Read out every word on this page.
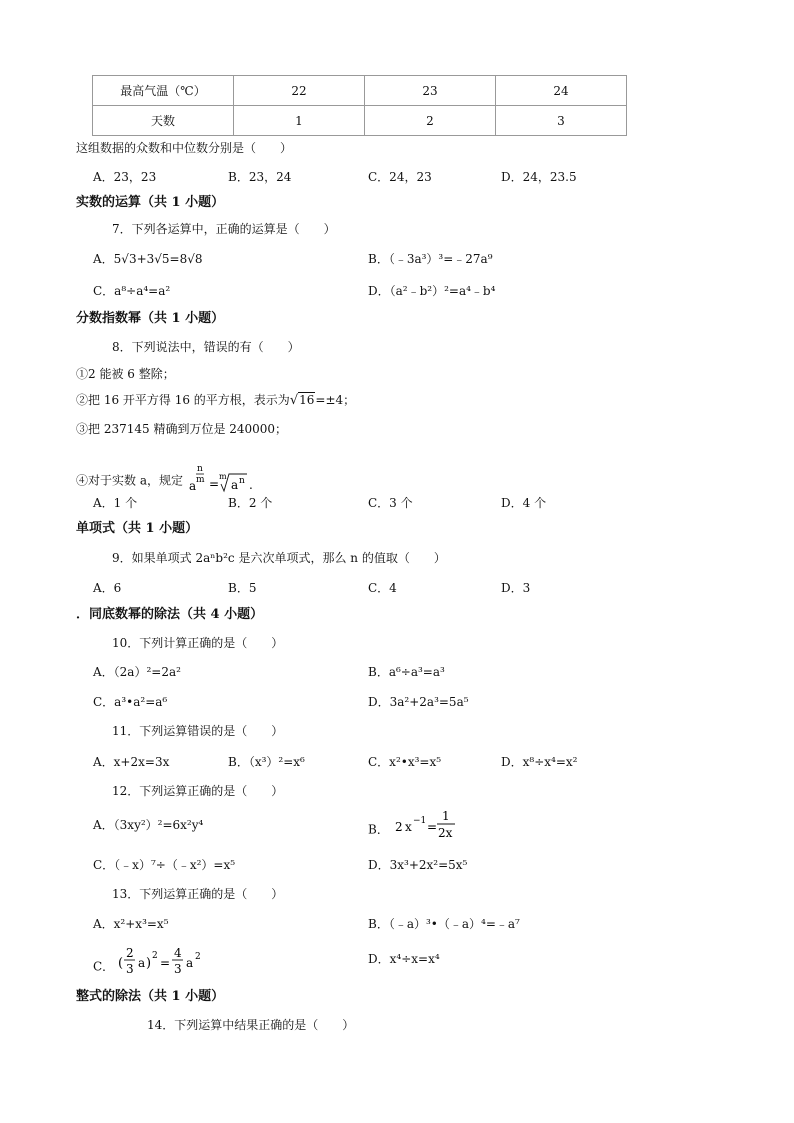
最高气温（℃）	22	23	24
天数	1	2	3
这组数据的众数和中位数分别是（　　）
A．23，23	B．23，24	C．24，23	D．24，23.5
实数的运算（共 1 小题）
7．下列各运算中，正确的运算是（　　）
A．5√3+3√5=8√8	B．（﹣3a³）³=﹣27a⁹
C．a⁸÷a⁴=a²	D．（a²﹣b²）²=a⁴﹣b⁴
分数指数幂（共 1 小题）
8．下列说法中，错误的有（　　）
①2 能被 6 整除；
②把 16 开平方得 16 的平方根，表示为√16=±4；
③把 237145 精确到万位是 240000；
④对于实数 a，规定 a
n
m =
m
a n .
A．1 个	B．2 个	C．3 个	D．4 个
单项式（共 1 小题）
9．如果单项式 2aⁿb²c 是六次单项式，那么 n 的值取（　　）
A．6	B．5	C．4	D．3
．同底数幂的除法（共 4 小题）
10．下列计算正确的是（　　）
A．（2a）²=2a²	B．a⁶÷a³=a³
C．a³•a²=a⁶	D．3a²+2a³=5a⁵
11．下列运算错误的是（　　）
A．x+2x=3x	B．（x³）²=x⁶	C．x²•x³=x⁵	D．x⁸÷x⁴=x²
12．下列运算正确的是（　　）
A．（3xy²）²=6x²y⁴	B． 2 x −1 =
1
2x
C．（﹣x）⁷÷（﹣x²）=x⁵	D．3x³+2x²=5x⁵
13．下列运算正确的是（　　）
A．x²+x³=x⁵	B．（﹣a）³•（﹣a）⁴=﹣a⁷
C． (
2
3 a ) 2 =
4
3 a 2	D．x⁴÷x=x⁴
整式的除法（共 1 小题）
14．下列运算中结果正确的是（　　）
